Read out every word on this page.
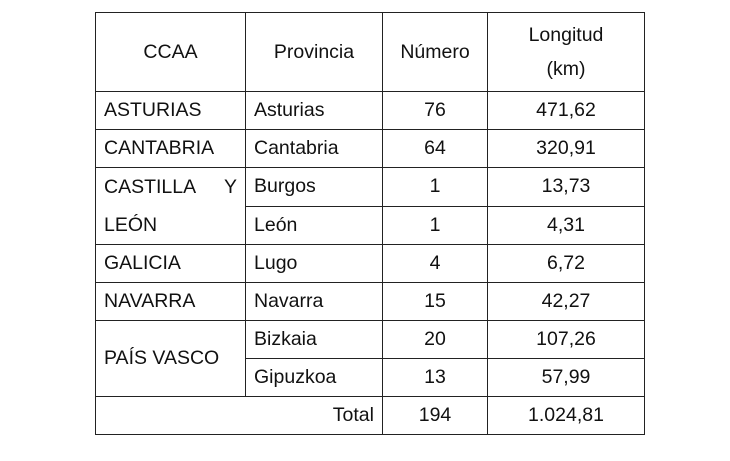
CCAA	Provincia	Número	Longitud
(km)

ASTURIAS	Asturias	76	471,62
CANTABRIA	Cantabria	64	320,91

CASTILLA Y
LEÓN	Burgos	1	13,73
	León	1	4,31
GALICIA	Lugo	4	6,72
NAVARRA	Navarra	15	42,27
PAÍS VASCO	Bizkaia	20	107,26
	Gipuzkoa	13	57,99
Total		194	1.024,81
